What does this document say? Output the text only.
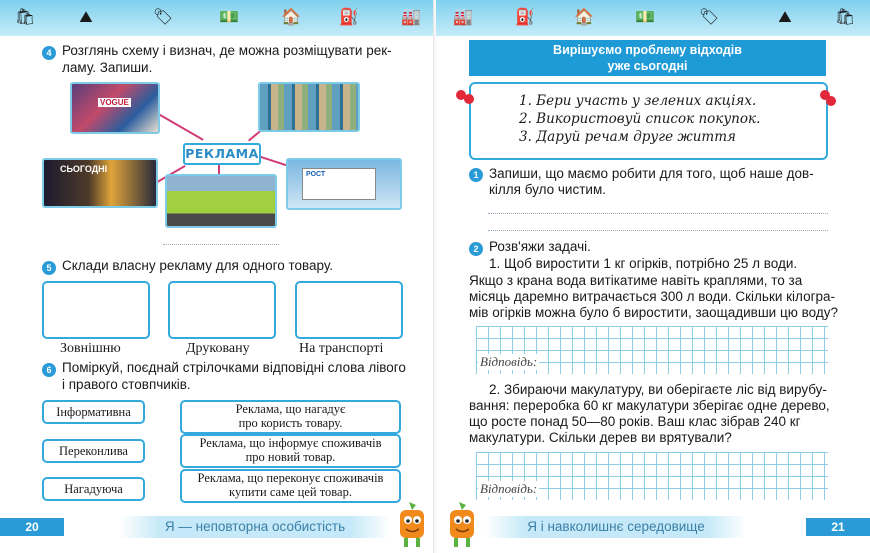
🛍	⛰	🏷	💵	🏠 ⛽	🏭
4 Розглянь схему і визнач, де можна розміщувати рек-
ламу. Запиши.
VOGUE
СЬОГОДНІ
РОСТ
РЕКЛАМА
5 Склади власну рекламу для одного товару.
Зовнішню	Друковану	На транспорті
6 Поміркуй, поєднай стрілочками відповідні слова лівого
і правого стовпчиків.
Інформативна
Переконлива
Нагадуюча
Реклама, що нагадує
про користь товару.
Реклама, що інформує споживачів
про новий товар.
Реклама, що переконує споживачів
купити саме цей товар.
20	Я — неповторна особистість
🏭	⛽ 🏠	💵	🏷	⛰	🛍
Вирішуємо проблему відходів
уже сьогодні
1. Бери участь у зелених акціях.
2. Використовуй список покупок.
3. Даруй речам друге життя
1 Запиши, що маємо робити для того, щоб наше дов-
кілля було чистим.
2 Розв'яжи задачі.
1. Щоб виростити 1 кг огірків, потрібно 25 л води.
Якщо з крана вода витікатиме навіть краплями, то за
місяць даремно витрачається 300 л води. Скільки кілогра-
мів огірків можна було б виростити, заощадивши цю воду?
Відповідь:
2. Збираючи макулатуру, ви оберігаєте ліс від вирубу-
вання: переробка 60 кг макулатури зберігає одне дерево,
що росте понад 50—80 років. Ваш клас зібрав 240 кг
макулатури. Скільки дерев ви врятували?
Відповідь:
Я і навколишнє середовище	21
